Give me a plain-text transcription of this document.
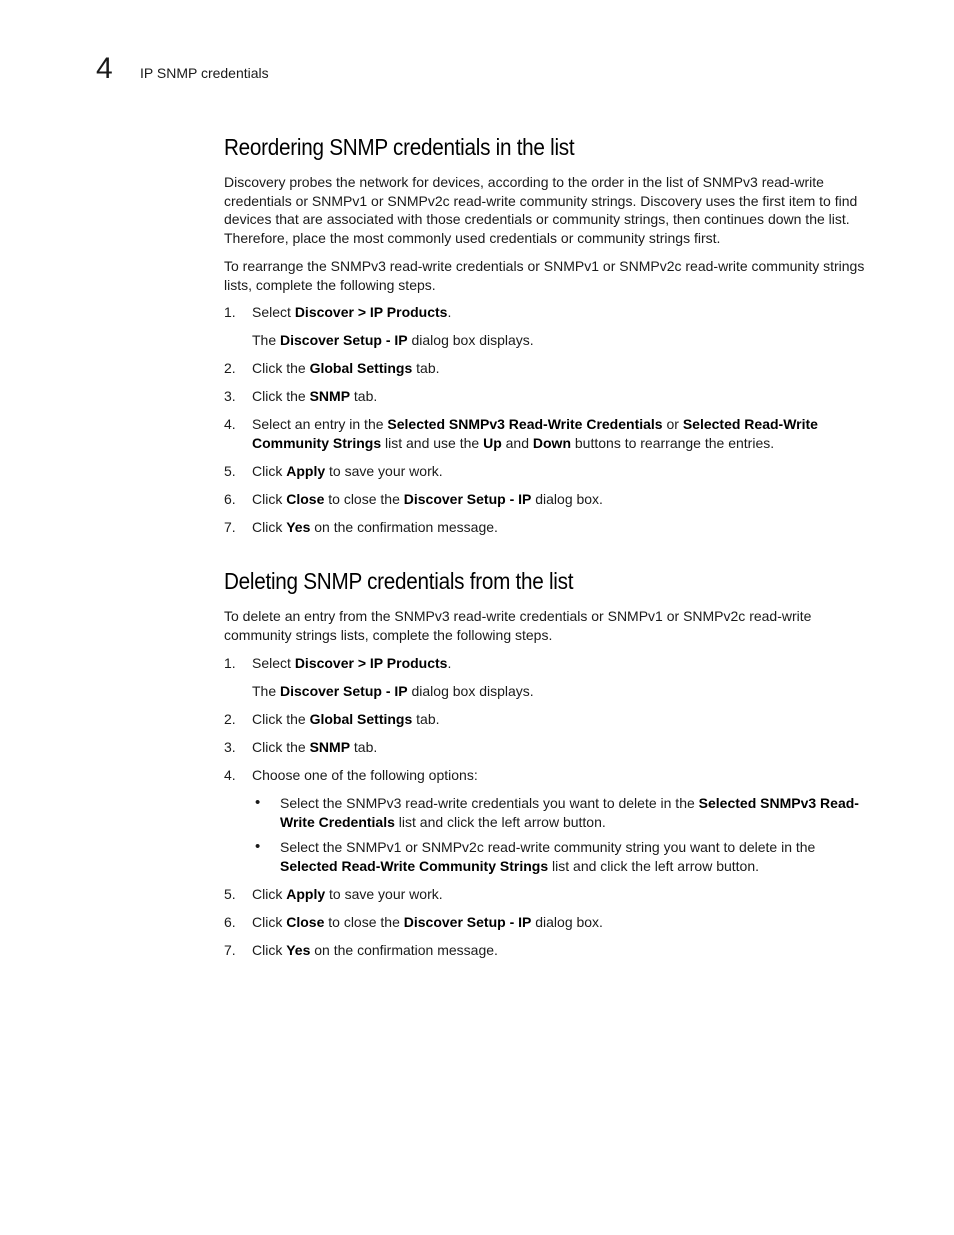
4 IP SNMP credentials
Reordering SNMP credentials in the list

Discovery probes the network for devices, according to the order in the list of SNMPv3 read-write credentials or SNMPv1 or SNMPv2c read-write community strings. Discovery uses the first item to find devices that are associated with those credentials or community strings, then continues down the list. Therefore, place the most commonly used credentials or community strings first.

To rearrange the SNMPv3 read-write credentials or SNMPv1 or SNMPv2c read-write community strings lists, complete the following steps.

1. Select Discover > IP Products.
The Discover Setup - IP dialog box displays.
2. Click the Global Settings tab.
3. Click the SNMP tab.
4. Select an entry in the Selected SNMPv3 Read-Write Credentials or Selected Read-Write Community Strings list and use the Up and Down buttons to rearrange the entries.
5. Click Apply to save your work.
6. Click Close to close the Discover Setup - IP dialog box.
7. Click Yes on the confirmation message.
Deleting SNMP credentials from the list

To delete an entry from the SNMPv3 read-write credentials or SNMPv1 or SNMPv2c read-write community strings lists, complete the following steps.

1. Select Discover > IP Products.
The Discover Setup - IP dialog box displays.
2. Click the Global Settings tab.
3. Click the SNMP tab.
4. Choose one of the following options:
• Select the SNMPv3 read-write credentials you want to delete in the Selected SNMPv3 Read-Write Credentials list and click the left arrow button.
• Select the SNMPv1 or SNMPv2c read-write community string you want to delete in the Selected Read-Write Community Strings list and click the left arrow button.
5. Click Apply to save your work.
6. Click Close to close the Discover Setup - IP dialog box.
7. Click Yes on the confirmation message.
